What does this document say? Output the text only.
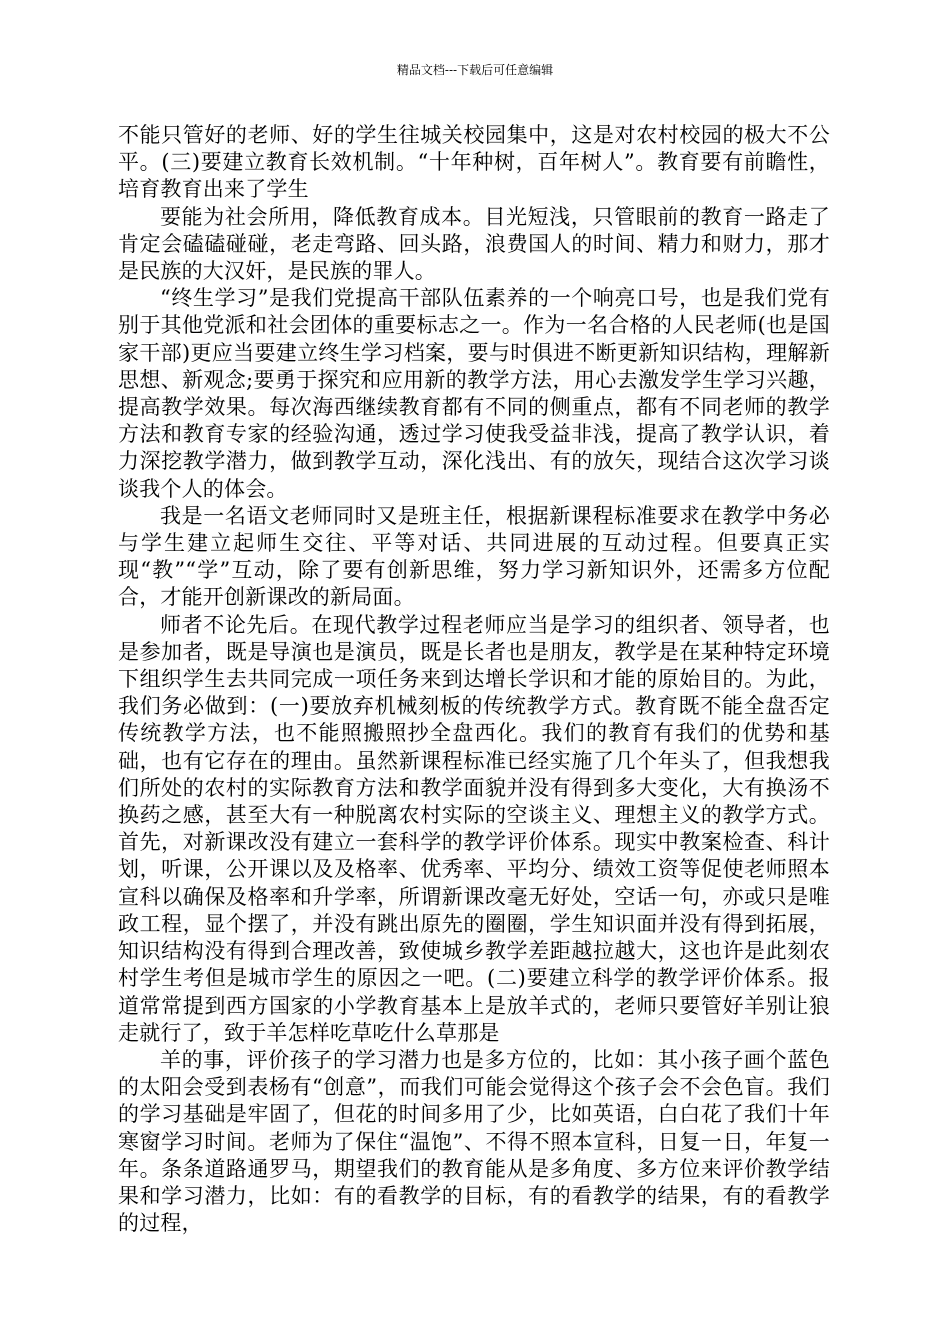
精品文档---下载后可任意编辑

不能只管好的老师、好的学生往城关校园集中，这是对农村校园的极大不公平。(三)要建立教育长效机制。“十年种树，百年树人”。教育要有前瞻性，培育教育出来了学生

要能为社会所用，降低教育成本。目光短浅，只管眼前的教育一路走了肯定会磕磕碰碰，老走弯路、回头路，浪费国人的时间、精力和财力，那才是民族的大汉奸，是民族的罪人。

“终生学习”是我们党提高干部队伍素养的一个响亮口号，也是我们党有别于其他党派和社会团体的重要标志之一。作为一名合格的人民老师(也是国家干部)更应当要建立终生学习档案，要与时俱进不断更新知识结构，理解新思想、新观念;要勇于探究和应用新的教学方法，用心去激发学生学习兴趣，提高教学效果。每次海西继续教育都有不同的侧重点，都有不同老师的教学方法和教育专家的经验沟通，透过学习使我受益非浅，提高了教学认识，着力深挖教学潜力，做到教学互动，深化浅出、有的放矢，现结合这次学习谈谈我个人的体会。

我是一名语文老师同时又是班主任，根据新课程标准要求在教学中务必与学生建立起师生交往、平等对话、共同进展的互动过程。但要真正实现“教”“学”互动，除了要有创新思维，努力学习新知识外，还需多方位配合，才能开创新课改的新局面。

师者不论先后。在现代教学过程老师应当是学习的组织者、领导者，也是参加者，既是导演也是演员，既是长者也是朋友，教学是在某种特定环境下组织学生去共同完成一项任务来到达增长学识和才能的原始目的。为此，我们务必做到：(一)要放弃机械刻板的传统教学方式。教育既不能全盘否定传统教学方法，也不能照搬照抄全盘西化。我们的教育有我们的优势和基础，也有它存在的理由。虽然新课程标准已经实施了几个年头了，但我想我们所处的农村的实际教育方法和教学面貌并没有得到多大变化，大有换汤不换药之感，甚至大有一种脱离农村实际的空谈主义、理想主义的教学方式。首先，对新课改没有建立一套科学的教学评价体系。现实中教案检查、科计划，听课，公开课以及及格率、优秀率、平均分、绩效工资等促使老师照本宣科以确保及格率和升学率，所谓新课改毫无好处，空话一句，亦或只是唯政工程，显个摆了，并没有跳出原先的圈圈，学生知识面并没有得到拓展，知识结构没有得到合理改善，致使城乡教学差距越拉越大，这也许是此刻农村学生考但是城市学生的原因之一吧。(二)要建立科学的教学评价体系。报道常常提到西方国家的小学教育基本上是放羊式的，老师只要管好羊别让狼走就行了，致于羊怎样吃草吃什么草那是

羊的事，评价孩子的学习潜力也是多方位的，比如：其小孩子画个蓝色的太阳会受到表杨有“创意”，而我们可能会觉得这个孩子会不会色盲。我们的学习基础是牢固了，但花的时间多用了少，比如英语，白白花了我们十年寒窗学习时间。老师为了保住“温饱”、不得不照本宣科，日复一日，年复一年。条条道路通罗马，期望我们的教育能从是多角度、多方位来评价教学结果和学习潜力，比如：有的看教学的目标，有的看教学的结果，有的看教学的过程，
